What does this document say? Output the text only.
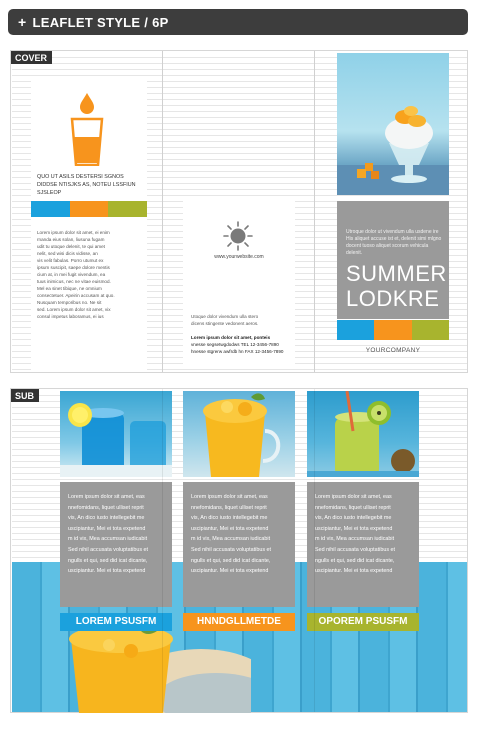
+ LEAFLET STYLE / 6P
COVER
QUO UT ASILS DESTERSI SGNOS DIDDSE NTISJKS AS, NOTEU LSSFIUN SJSLEOP
Lorem ipsum dolor sit amet, ei enim
rnanda eius solan, liusuna fugam
udit tu utoque delenit, te qui amet
nelit, sed wisi dicis vidisse, an
vis velit fabulas. Porro utumut ex
ipsum suscipit, saepe dolore mentis
cium at, in mei fugit vivendum, ea
tuus inimicus, nec ne vitae euismod.
Mel ea sinet tibique, ne omnium
consectetuer. Apeirin accusam at quo.
Nusquam temporibus no. Ne sit
sed. Lorem ipsum dolor sit amet, vix
consul impetus laboramus, ei ius
www.yourwebsite.com
Utoque dolor vivendum ulla stero
dicens stingente vedonent aeros.
Lorem ipsum dolor sit amet, ponteis
vnesse segsetwgdodws TEL 12-3456-7890
hnesse stgrerw awfrdb hn FAX 12-3456-7890
Utroque dolor ut vivendum ulla usdene ire His aliquet accuse ist et, delenit simi mlgno docent tuoso aliquet scorum vehicula delenit.
SUMMER
LODKRE
YOURCOMPANY
SUB
Lorem ipsum dolor sit amet, eas
nnefomidans, liquet ulliset reprit
vis, An dico iusto intellegebit me
uscipiantur, Mei ei tota expetend
m id vix, Mea accumsan iudicabit
Sed nihil accusata voluptatibus et
ngulls et qui, sed did icat dicante,
uscipiantur. Mei ei tota expetend
LOREM PSUSFM
Lorem ipsum dolor sit amet, eas
nnefomidans, liquet ulliset reprit
vis, An dico iusto intellegebit me
uscipiantur, Mei ei tota expetend
m id vix, Mea accumsan iudicabit
Sed nihil accusata voluptatibus et
ngulls et qui, sed did icat dicante,
uscipiantur. Mei ei tota expetend
HNNDGLLMETDE
Lorem ipsum dolor sit amet, eas
nnefomidans, liquet ulliset reprit
vis, An dico iusto intellegebit me
uscipiantur, Mei ei tota expetend
m id vix, Mea accumsan iudicabit
Sed nihil accusata voluptatibus et
ngulls et qui, sed did icat dicante,
uscipiantur. Mei ei tota expetend
OPOREM PSUSFM
